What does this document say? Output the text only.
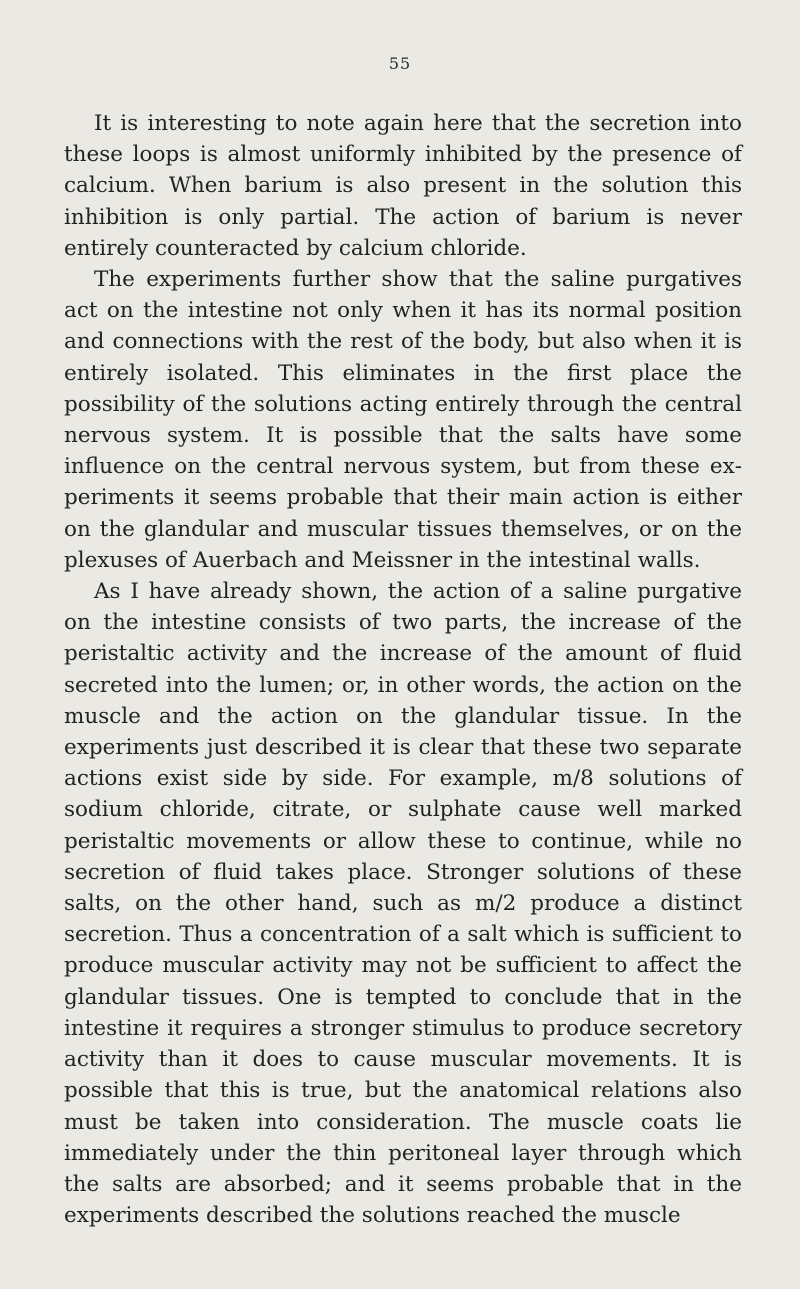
55

It is interesting to note again here that the secretion into these loops is almost uniformly inhibited by the presence of calcium. When barium is also present in the solution this inhibition is only partial. The action of barium is never entirely counteracted by calcium chloride.

The experiments further show that the saline purgatives act on the intestine not only when it has its normal position and connections with the rest of the body, but also when it is entirely isolated. This eliminates in the first place the possibility of the solutions acting entirely through the central nervous system. It is possible that the salts have some influence on the central nervous system, but from these experiments it seems probable that their main action is either on the glandular and muscular tissues themselves, or on the plexuses of Auerbach and Meissner in the intestinal walls.

As I have already shown, the action of a saline purgative on the intestine consists of two parts, the increase of the peristaltic activity and the increase of the amount of fluid secreted into the lumen; or, in other words, the action on the muscle and the action on the glandular tissue. In the experiments just described it is clear that these two separate actions exist side by side. For example, m/8 solutions of sodium chloride, citrate, or sulphate cause well marked peristaltic movements or allow these to continue, while no secretion of fluid takes place. Stronger solutions of these salts, on the other hand, such as m/2 produce a distinct secretion. Thus a concentration of a salt which is sufficient to produce muscular activity may not be sufficient to affect the glandular tissues. One is tempted to conclude that in the intestine it requires a stronger stimulus to produce secretory activity than it does to cause muscular movements. It is possible that this is true, but the anatomical relations also must be taken into consideration. The muscle coats lie immediately under the thin peritoneal layer through which the salts are absorbed; and it seems probable that in the experiments described the solutions reached the muscle
